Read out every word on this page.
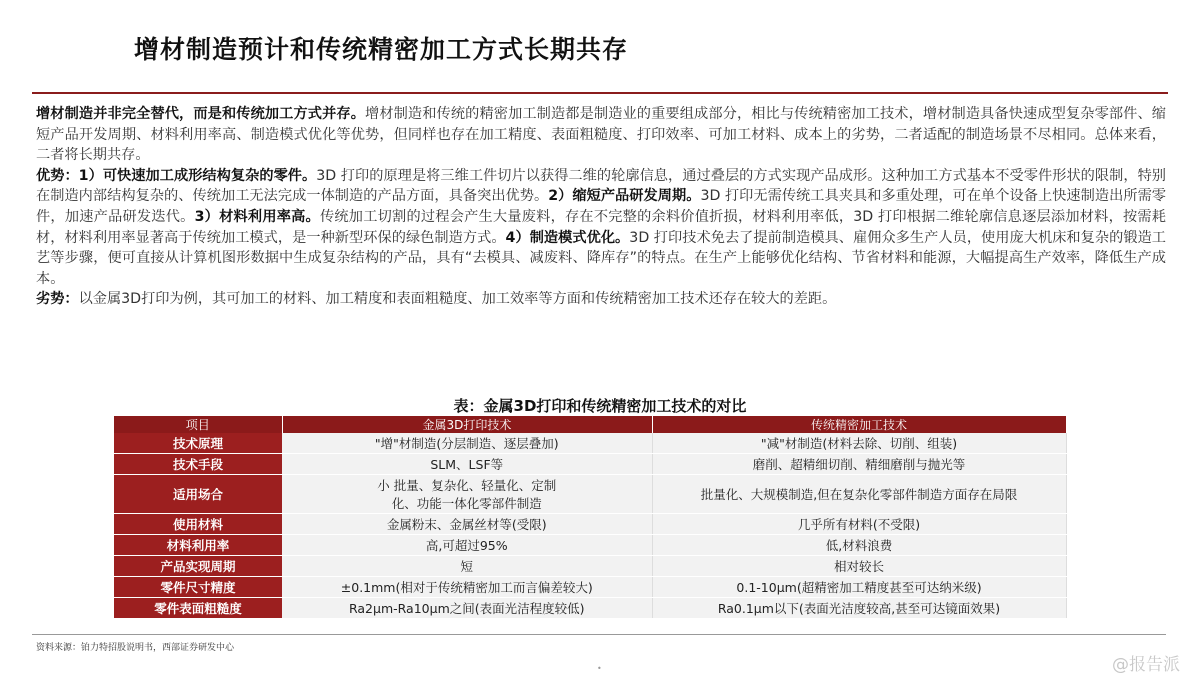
增材制造预计和传统精密加工方式长期共存

增材制造并非完全替代，而是和传统加工方式并存。增材制造和传统的精密加工制造都是制造业的重要组成部分，相比与传统精密加工技术，增材制造具备快速成型复杂零部件、缩短产品开发周期、材料利用率高、制造模式优化等优势，但同样也存在加工精度、表面粗糙度、打印效率、可加工材料、成本上的劣势，二者适配的制造场景不尽相同。总体来看，二者将长期共存。

优势：1）可快速加工成形结构复杂的零件。3D 打印的原理是将三维工件切片以获得二维的轮廓信息，通过叠层的方式实现产品成形。这种加工方式基本不受零件形状的限制，特别在制造内部结构复杂的、传统加工无法完成一体制造的产品方面，具备突出优势。2）缩短产品研发周期。3D 打印无需传统工具夹具和多重处理，可在单个设备上快速制造出所需零件，加速产品研发迭代。3）材料利用率高。传统加工切割的过程会产生大量废料，存在不完整的余料价值折损，材料利用率低，3D 打印根据二维轮廓信息逐层添加材料，按需耗材，材料利用率显著高于传统加工模式，是一种新型环保的绿色制造方式。4）制造模式优化。3D 打印技术免去了提前制造模具、雇佣众多生产人员，使用庞大机床和复杂的锻造工艺等步骤，便可直接从计算机图形数据中生成复杂结构的产品，具有“去模具、减废料、降库存”的特点。在生产上能够优化结构、节省材料和能源，大幅提高生产效率，降低生产成本。

劣势：以金属3D打印为例，其可加工的材料、加工精度和表面粗糙度、加工效率等方面和传统精密加工技术还存在较大的差距。

表：金属3D打印和传统精密加工技术的对比
项目	金属3D打印技术	传统精密加工技术
技术原理	"增"材制造(分层制造、逐层叠加)	"减"材制造(材料去除、切削、组装)
技术手段	SLM、LSF等	磨削、超精细切削、精细磨削与抛光等
适用场合	小 批量、复杂化、轻量化、定制化、功能一体化零部件制造	批量化、大规模制造,但在复杂化零部件制造方面存在局限
使用材料	金属粉末、金属丝材等(受限)	几乎所有材料(不受限)
材料利用率	高,可超过95%	低,材料浪费
产品实现周期	短	相对较长
零件尺寸精度	±0.1mm(相对于传统精密加工而言偏差较大)	0.1-10μm(超精密加工精度甚至可达纳米级)
零件表面粗糙度	Ra2μm-Ra10μm之间(表面光洁程度较低)	Ra0.1μm以下(表面光洁度较高,甚至可达镜面效果)
资料来源：铂力特招股说明书，西部证券研发中心
•	@报告派
